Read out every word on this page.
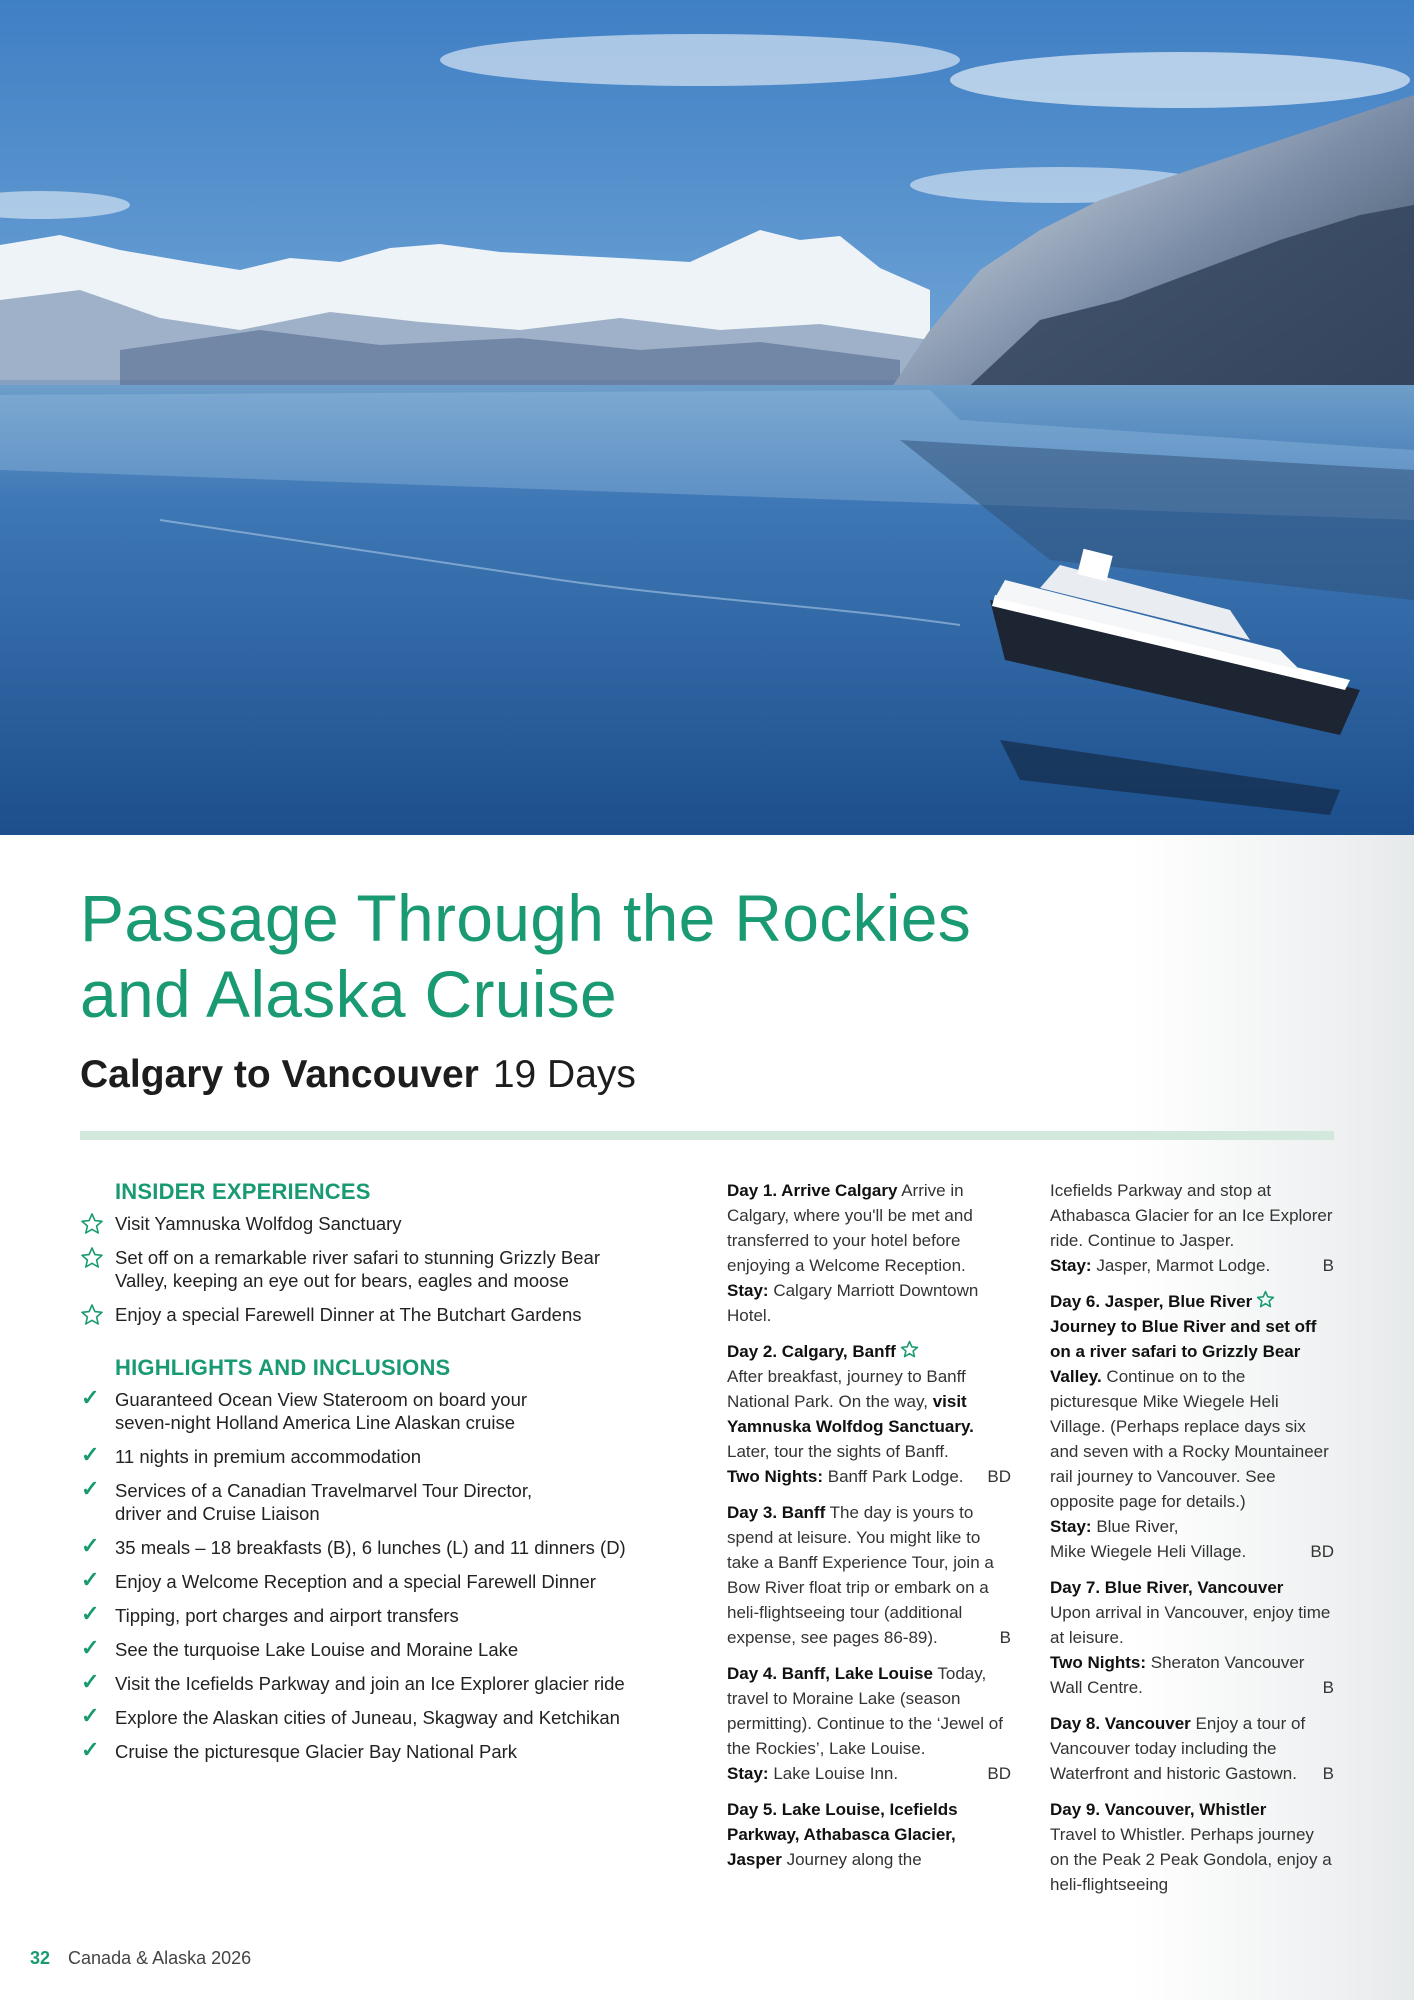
Passage Through the Rockies
and Alaska Cruise
Calgary to Vancouver 19 Days
INSIDER EXPERIENCES
Visit Yamnuska Wolfdog Sanctuary
Set off on a remarkable river safari to stunning Grizzly Bear
Valley, keeping an eye out for bears, eagles and moose
Enjoy a special Farewell Dinner at The Butchart Gardens
HIGHLIGHTS AND INCLUSIONS
✓ Guaranteed Ocean View Stateroom on board your
seven-night Holland America Line Alaskan cruise
✓ 11 nights in premium accommodation
✓ Services of a Canadian Travelmarvel Tour Director,
driver and Cruise Liaison
✓ 35 meals – 18 breakfasts (B), 6 lunches (L) and 11 dinners (D)
✓ Enjoy a Welcome Reception and a special Farewell Dinner
✓ Tipping, port charges and airport transfers
✓ See the turquoise Lake Louise and Moraine Lake
✓ Visit the Icefields Parkway and join an Ice Explorer glacier ride
✓ Explore the Alaskan cities of Juneau, Skagway and Ketchikan
✓ Cruise the picturesque Glacier Bay National Park
Day 1. Arrive Calgary Arrive in Calgary, where you'll be met and transferred to your hotel before enjoying a Welcome Reception.
Stay: Calgary Marriott Downtown Hotel.
Day 2. Calgary, Banff

After breakfast, journey to Banff National Park. On the way, visit Yamnuska Wolfdog Sanctuary. Later, tour the sights of Banff.
Two Nights: Banff Park Lodge. BD
Day 3. Banff The day is yours to spend at leisure. You might like to take a Banff Experience Tour, join a Bow River float trip or embark on a heli-flightseeing tour (additional expense, see pages 86-89).	B
Day 4. Banff, Lake Louise Today, travel to Moraine Lake (season permitting). Continue to the ‘Jewel of the Rockies’, Lake Louise.
Stay: Lake Louise Inn.	BD
Day 5. Lake Louise, Icefields Parkway, Athabasca Glacier, Jasper Journey along the
Icefields Parkway and stop at Athabasca Glacier for an Ice Explorer ride. Continue to Jasper.
Stay: Jasper, Marmot Lodge.	B
Day 6. Jasper, Blue River

Journey to Blue River and set off on a river safari to Grizzly Bear Valley. Continue on to the picturesque Mike Wiegele Heli Village. (Perhaps replace days six and seven with a Rocky Mountaineer rail journey to Vancouver. See opposite page for details.)
Stay: Blue River,
Mike Wiegele Heli Village.	BD
Day 7. Blue River, Vancouver
Upon arrival in Vancouver, enjoy time at leisure.
Two Nights: Sheraton Vancouver Wall Centre.	B
Day 8. Vancouver Enjoy a tour of Vancouver today including the Waterfront and historic Gastown. B
Day 9. Vancouver, Whistler
Travel to Whistler. Perhaps journey on the Peak 2 Peak Gondola, enjoy a heli-flightseeing
32 Canada & Alaska 2026
